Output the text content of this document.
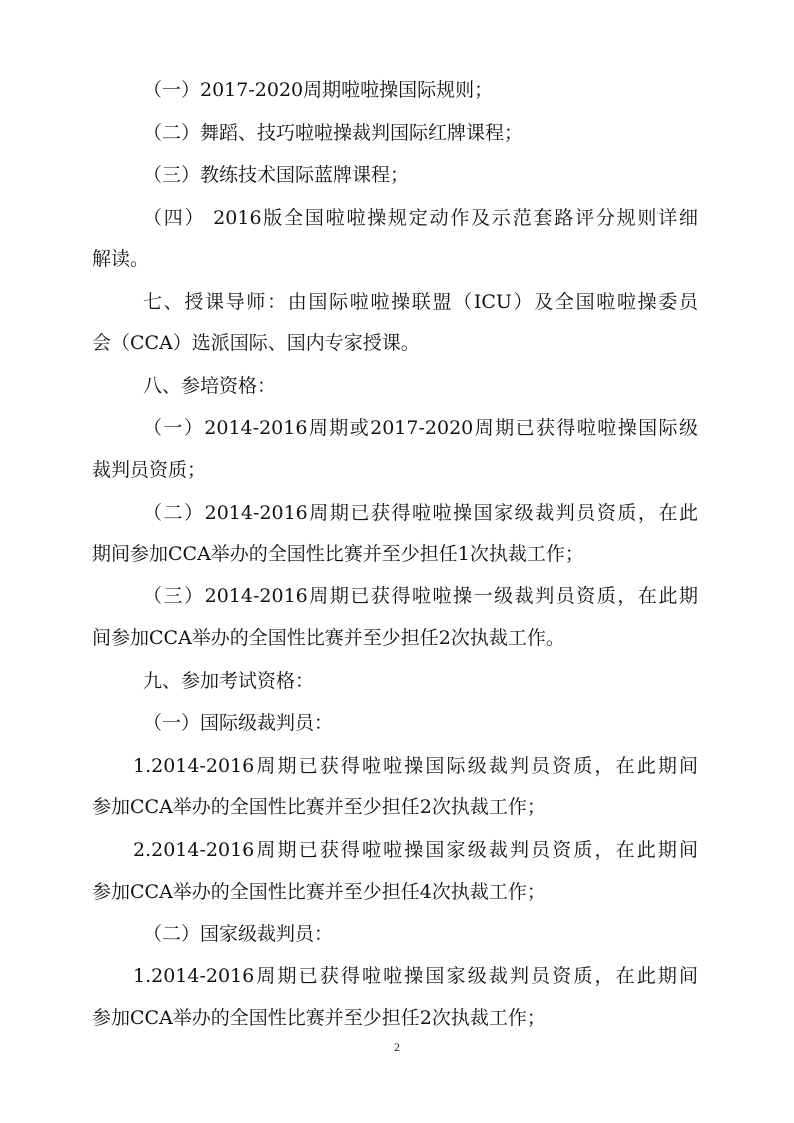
（一）2017-2020周期啦啦操国际规则；
（二）舞蹈、技巧啦啦操裁判国际红牌课程；
（三）教练技术国际蓝牌课程；
（四） 2016版全国啦啦操规定动作及示范套路评分规则详细
解读。
七、授课导师：由国际啦啦操联盟（ICU）及全国啦啦操委员
会（CCA）选派国际、国内专家授课。
八、参培资格：
（一）2014-2016周期或2017-2020周期已获得啦啦操国际级
裁判员资质；
（二）2014-2016周期已获得啦啦操国家级裁判员资质，在此
期间参加CCA举办的全国性比赛并至少担任1次执裁工作；
（三）2014-2016周期已获得啦啦操一级裁判员资质，在此期
间参加CCA举办的全国性比赛并至少担任2次执裁工作。
九、参加考试资格：
（一）国际级裁判员：
1.2014-2016周期已获得啦啦操国际级裁判员资质，在此期间
参加CCA举办的全国性比赛并至少担任2次执裁工作；
2.2014-2016周期已获得啦啦操国家级裁判员资质，在此期间
参加CCA举办的全国性比赛并至少担任4次执裁工作；
（二）国家级裁判员：
1.2014-2016周期已获得啦啦操国家级裁判员资质，在此期间
参加CCA举办的全国性比赛并至少担任2次执裁工作；
2
